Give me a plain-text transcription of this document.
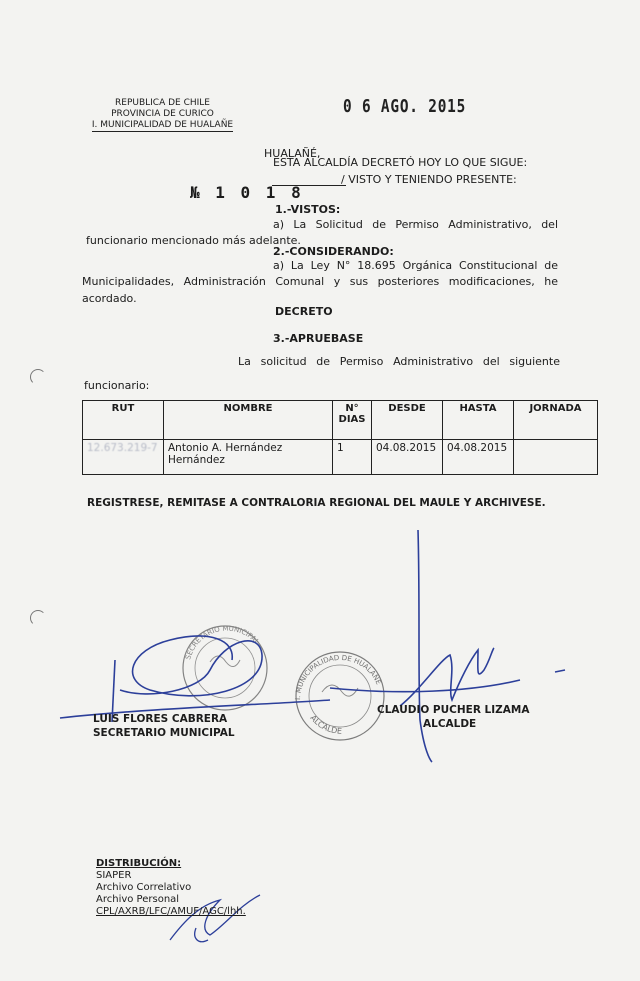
REPUBLICA DE CHILE
PROVINCIA DE CURICO
I. MUNICIPALIDAD DE HUALAÑE
0 6 AGO. 2015
HUALAÑÉ,
ESTA ALCALDÍA DECRETÓ HOY LO QUE SIGUE:
№ 1 0 1 8
/ VISTO Y TENIENDO PRESENTE:
1.-VISTOS:
a) La Solicitud de Permiso Administrativo, del
funcionario mencionado más adelante.
2.-CONSIDERANDO:
a) La Ley N° 18.695 Orgánica Constitucional de
Municipalidades, Administración Comunal y sus posteriores modificaciones, he
acordado.
DECRETO
3.-APRUEBASE
La solicitud de Permiso Administrativo del siguiente
funcionario:
RUT	NOMBRE	N° DIAS	DESDE	HASTA	JORNADA
12.673.219-7	Antonio A. Hernández Hernández	1	04.08.2015	04.08.2015	
REGISTRESE, REMITASE A CONTRALORIA REGIONAL DEL MAULE Y ARCHIVESE.
SECRETARIO MUNICIPAL
I. MUNICIPALIDAD DE HUALAÑE
ALCALDE
LUIS FLORES CABRERA
SECRETARIO MUNICIPAL
CLAUDIO PUCHER LIZAMA
ALCALDE
DISTRIBUCIÓN:
SIAPER
Archivo Correlativo
Archivo Personal
CPL/AXRB/LFC/AMUF/AGC/lhh.
